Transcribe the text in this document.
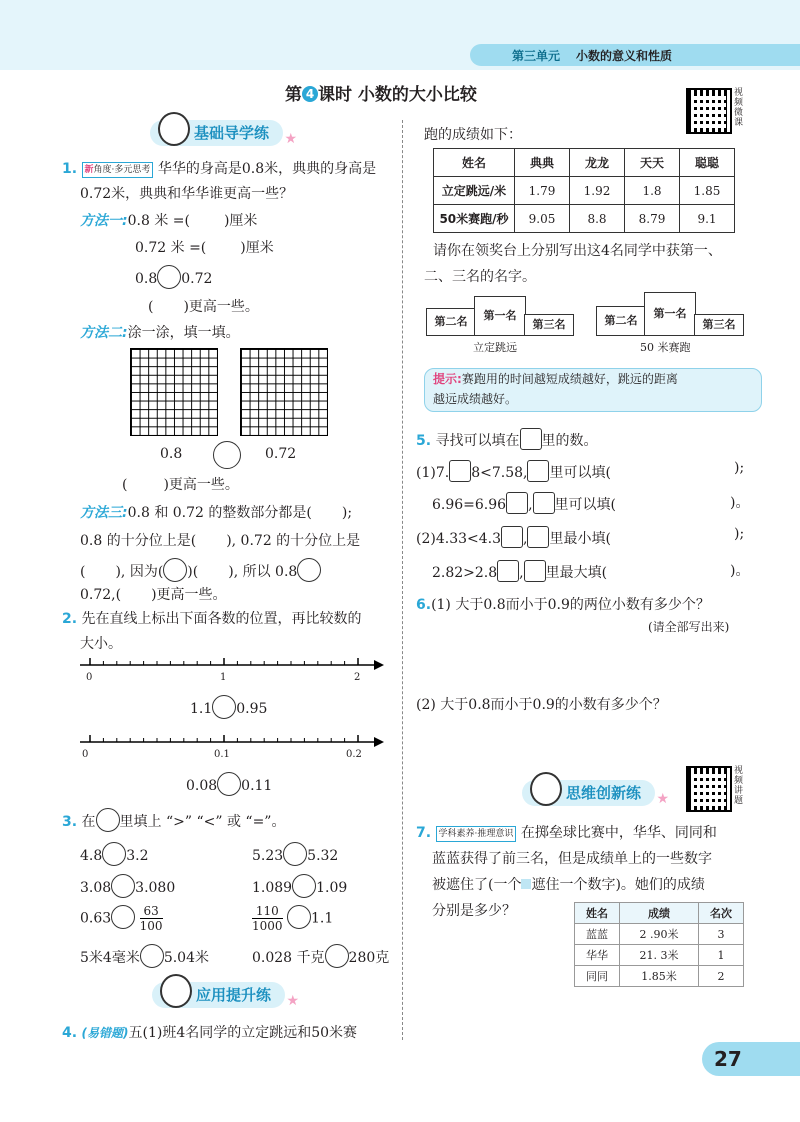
第三单元 小数的意义和性质
第 4 课时 小数的大小比较	视频微课
视频讲题
基础导学练 ★
1. 新角度·多元思考 华华的身高是0.8米，典典的身高是
0.72米，典典和华华谁更高一些？
方法一:0.8 米 =( )厘米
0.72 米 =( )厘米
0.8 0.72
( )更高一些。
方法二:涂一涂，填一填。
0.8	0.72
(	)更高一些。
方法三:0.8 和 0.72 的整数部分都是( );
0.8 的十分位上是( ), 0.72 的十分位上是
( ), 因为( )( ), 所以 0.8
0.72,( )更高一些。
2. 先在直线上标出下面各数的位置，再比较数的
大小。
0	1	2
1.1 0.95
0	0.1	0.2
0.08 0.11
3. 在 里填上 “>” “<” 或 “=”。
4.8 3.2	5.23 5.32
3.08 3.080	1.089 1.09
$0.63 \frac{63}{100}$	$\frac{110}{1000} 1.1$
5米4毫米 5.04米	0.028 千克 280克
应用提升练 ★
4. (易错题)五(1)班4名同学的立定跳远和50米赛
跑的成绩如下：
姓名	典典	龙龙	天天	聪聪
立定跳远/米	1.79	1.92	1.8	1.85
50米赛跑/秒	9.05	8.8	8.79	9.1
请你在领奖台上分别写出这4名同学中获第一、
二、三名的名字。
第二名	第一名
第三名
立定跳远
第二名
第一名
第三名
50 米赛跑
提示:赛跑用的时间越短成绩越好，跳远的距离
越远成绩越好。
5. 寻找可以填在 里的数。
(1)7. 8<7.58, 里可以填(	);
6.96=6.96 , 里可以填(	)。
(2)4.33<4.3 , 里最小填(	);
2.82>2.8 , 里最大填(	)。
6.(1) 大于0.8而小于0.9的两位小数有多少个？
(请全部写出来)
(2) 大于0.8而小于0.9的小数有多少个？
思维创新练 ★
7. 学科素养·推理意识 在掷垒球比赛中，华华、同同和
蓝蓝获得了前三名，但是成绩单上的一些数字
被遮住了(一个 遮住一个数字)。她们的成绩
分别是多少？	姓名	成绩	名次
蓝蓝	2 .90米	3
华华	21. 3米	1
同同	1.85米	2
27
